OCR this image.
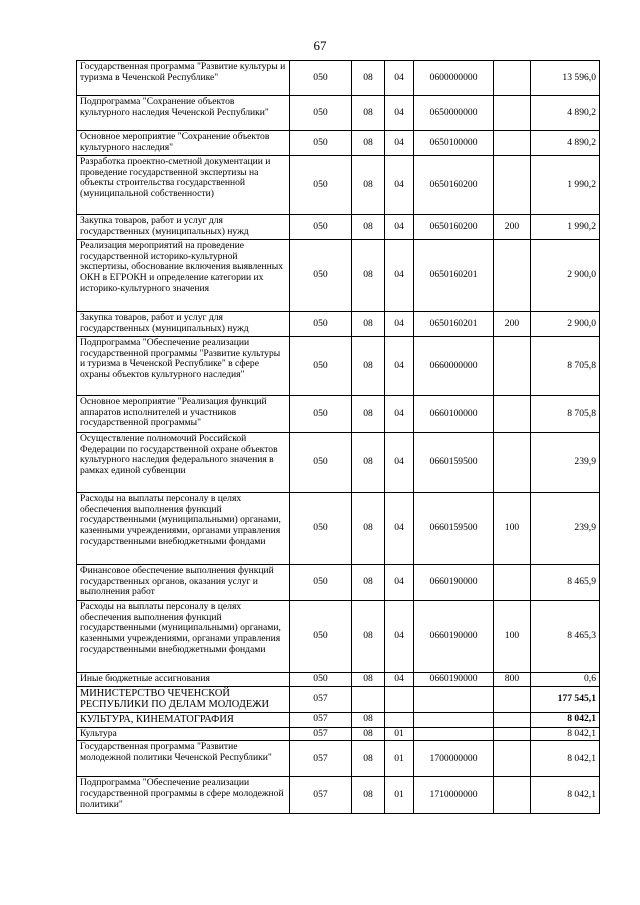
67
Государственная программа "Развитие культуры и туризма в Чеченской Республике"	050	08	04	0600000000		13 596,0
Подпрограмма "Сохранение объектов культурного наследия Чеченской Республики"	050	08	04	0650000000		4 890,2
Основное мероприятие "Сохранение объектов культурного наследия"	050	08	04	0650100000		4 890,2
Разработка проектно-сметной документации и проведение государственной экспертизы на объекты строительства государственной (муниципальной собственности)	050	08	04	0650160200		1 990,2
Закупка товаров, работ и услуг для государственных (муниципальных) нужд	050	08	04	0650160200	200	1 990,2
Реализация мероприятий на проведение государственной историко-культурной экспертизы, обоснование включения выявленных ОКН в ЕГРОКН и определение категории их историко-культурного значения	050	08	04	0650160201		2 900,0
Закупка товаров, работ и услуг для государственных (муниципальных) нужд	050	08	04	0650160201	200	2 900,0
Подпрограмма "Обеспечение реализации государственной программы "Развитие культуры и туризма в Чеченской Республике" в сфере охраны объектов культурного наследия"	050	08	04	0660000000		8 705,8
Основное мероприятие "Реализация функций аппаратов исполнителей и участников государственной программы"	050	08	04	0660100000		8 705,8
Осуществление полномочий Российской Федерации по государственной охране объектов культурного наследия федерального значения в рамках единой субвенции	050	08	04	0660159500		239,9
Расходы на выплаты персоналу в целях обеспечения выполнения функций государственными (муниципальными) органами, казенными учреждениями, органами управления государственными внебюджетными фондами	050	08	04	0660159500	100	239,9
Финансовое обеспечение выполнения функций государственных органов, оказания услуг и выполнения работ	050	08	04	0660190000		8 465,9
Расходы на выплаты персоналу в целях обеспечения выполнения функций государственными (муниципальными) органами, казенными учреждениями, органами управления государственными внебюджетными фондами	050	08	04	0660190000	100	8 465,3
Иные бюджетные ассигнования	050	08	04	0660190000	800	0,6
МИНИСТЕРСТВО ЧЕЧЕНСКОЙ РЕСПУБЛИКИ ПО ДЕЛАМ МОЛОДЕЖИ	057					177 545,1
КУЛЬТУРА, КИНЕМАТОГРАФИЯ	057	08				8 042,1
Культура	057	08	01			8 042,1
Государственная программа "Развитие молодежной политики Чеченской Республики"	057	08	01	1700000000		8 042,1
Подпрограмма "Обеспечение реализации государственной программы в сфере молодежной политики"	057	08	01	1710000000		8 042,1
